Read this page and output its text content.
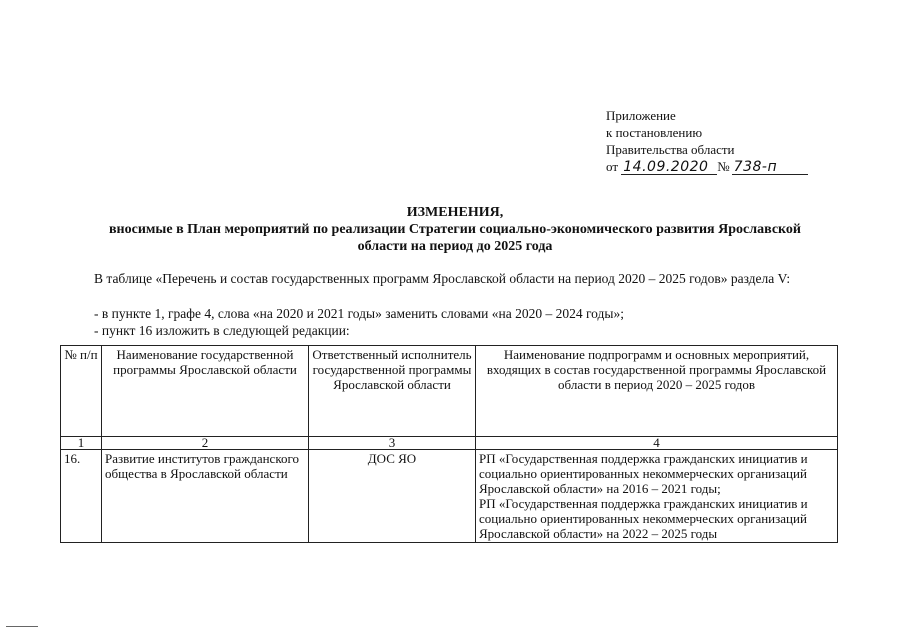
Приложение
к постановлению
Правительства области
от 14.09.2020 № 738-п
ИЗМЕНЕНИЯ,
вносимые в План мероприятий по реализации Стратегии социально-экономического развития Ярославской области на период до 2025 года
В таблице «Перечень и состав государственных программ Ярославской области на период 2020 – 2025 годов» раздела V:
- в пункте 1, графе 4, слова «на 2020 и 2021 годы» заменить словами «на 2020 – 2024 годы»;
- пункт 16 изложить в следующей редакции:
№ п/п	Наименование государственной программы Ярославской области	Ответственный исполнитель государственной программы Ярославской области	Наименование подпрограмм и основных мероприятий, входящих в состав государственной программы Ярославской области в период 2020 – 2025 годов
1	2	3	4
16.	Развитие институтов гражданского общества в Ярославской области	ДОС ЯО	РП «Государственная поддержка гражданских инициатив и социально ориентированных некоммерческих организаций Ярославской области» на 2016 – 2021 годы;
РП «Государственная поддержка гражданских инициатив и социально ориентированных некоммерческих организаций Ярославской области» на 2022 – 2025 годы
